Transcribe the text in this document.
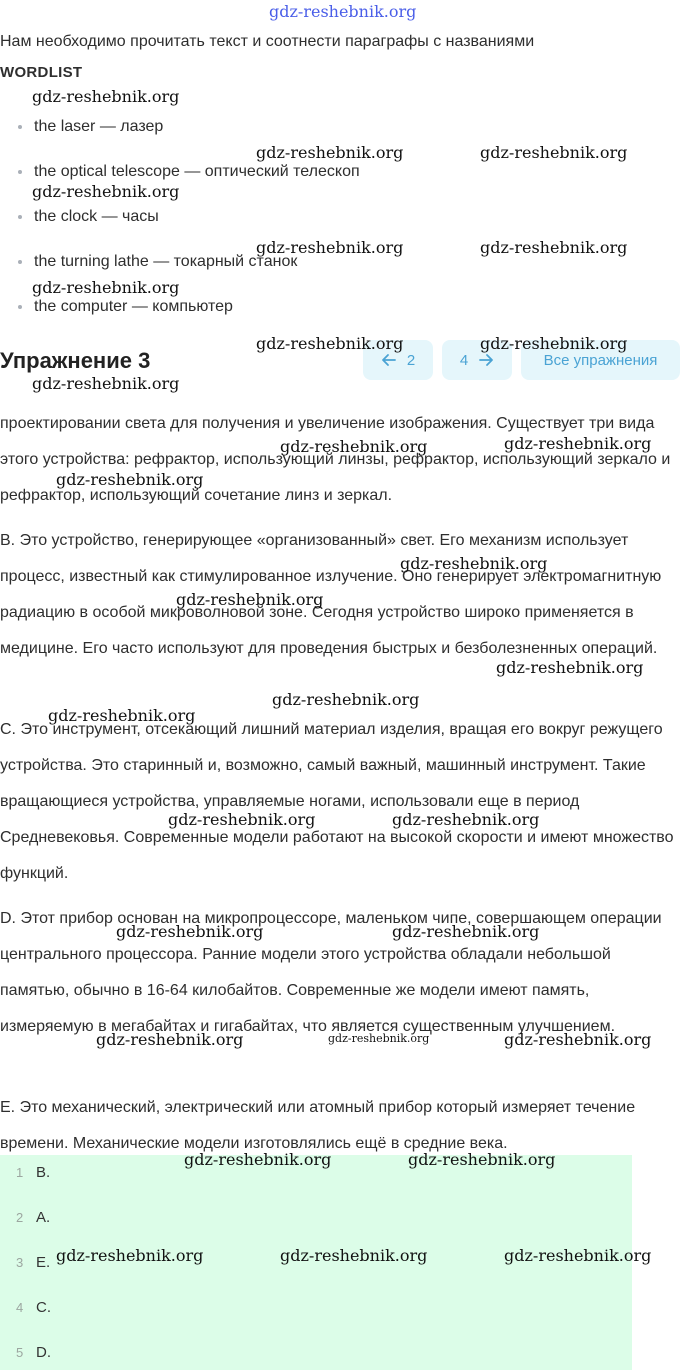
gdz-reshebnik.org
Нам необходимо прочитать текст и соотнести параграфы с названиями
WORDLIST
the laser — лазер
the optical telescope — оптический телескоп
the clock — часы
the turning lathe — токарный станок
the computer — компьютер
Упражнение 3	2	4	Все упражнения
проектировании света для получения и увеличение изображения. Существует три вида этого устройства: рефрактор, использующий линзы, рефрактор, использующий зеркало и рефрактор, использующий сочетание линз и зеркал.
B. Это устройство, генерирующее «организованный» свет. Его механизм использует процесс, известный как стимулированное излучение. Оно генерирует электромагнитную радиацию в особой микроволновой зоне. Сегодня устройство широко применяется в медицине. Его часто используют для проведения быстрых и безболезненных операций.
C. Это инструмент, отсекающий лишний материал изделия, вращая его вокруг режущего устройства. Это старинный и, возможно, самый важный, машинный инструмент. Такие вращающиеся устройства, управляемые ногами, использовали еще в период Средневековья. Современные модели работают на высокой скорости и имеют множество функций.
D. Этот прибор основан на микропроцессоре, маленьком чипе, совершающем операции центрального процессора. Ранние модели этого устройства обладали небольшой памятью, обычно в 16-64 килобайтов. Современные же модели имеют память, измеряемую в мегабайтах и гигабайтах, что является существенным улучшением.
E. Это механический, электрический или атомный прибор который измеряет течение времени. Механические модели изготовлялись ещё в средние века.
1 B.
2 A.
3 E.
4 C.
5 D.
gdz-reshebnik.org
gdz-reshebnik.org	gdz-reshebnik.org
gdz-reshebnik.org
gdz-reshebnik.org	gdz-reshebnik.org
gdz-reshebnik.org
gdz-reshebnik.org	gdz-reshebnik.org
gdz-reshebnik.org
gdz-reshebnik.org	gdz-reshebnik.org
gdz-reshebnik.org
gdz-reshebnik.org
gdz-reshebnik.org
gdz-reshebnik.org
gdz-reshebnik.org
gdz-reshebnik.org
gdz-reshebnik.org	gdz-reshebnik.org
gdz-reshebnik.org	gdz-reshebnik.org
gdz-reshebnik.org	gdz-reshebnik.org	gdz-reshebnik.org
gdz-reshebnik.org	gdz-reshebnik.org
gdz-reshebnik.org	gdz-reshebnik.org	gdz-reshebnik.org
